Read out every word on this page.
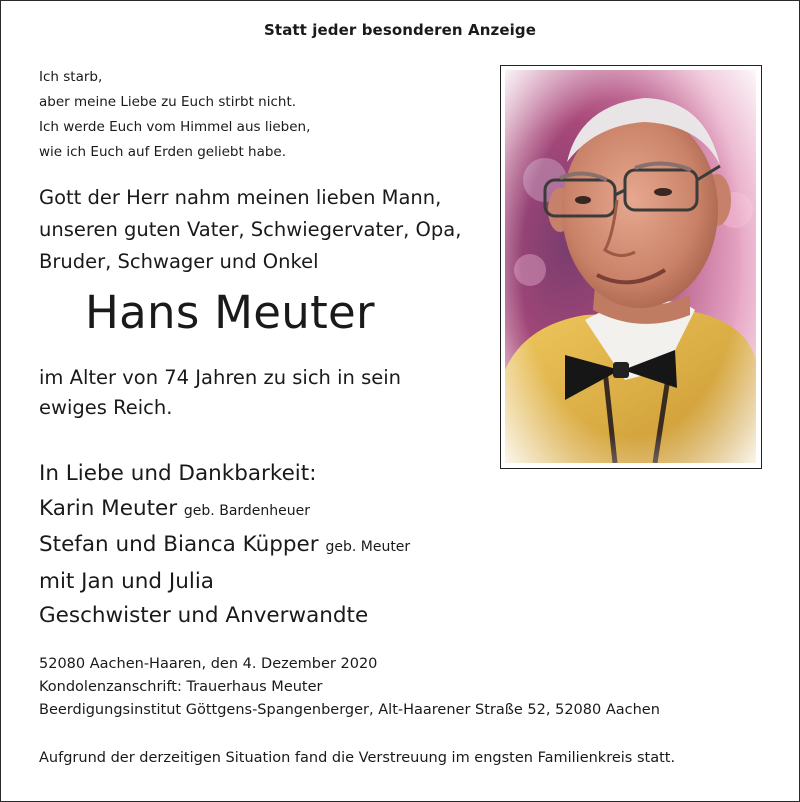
Statt jeder besonderen Anzeige
Ich starb,
aber meine Liebe zu Euch stirbt nicht.
Ich werde Euch vom Himmel aus lieben,
wie ich Euch auf Erden geliebt habe.
Gott der Herr nahm meinen lieben Mann,
unseren guten Vater, Schwiegervater, Opa,
Bruder, Schwager und Onkel
Hans Meuter
im Alter von 74 Jahren zu sich in sein
ewiges Reich.
In Liebe und Dankbarkeit:
Karin Meuter geb. Bardenheuer
Stefan und Bianca Küpper geb. Meuter
mit Jan und Julia
Geschwister und Anverwandte
52080 Aachen-Haaren, den 4. Dezember 2020
Kondolenzanschrift: Trauerhaus Meuter
Beerdigungsinstitut Göttgens-Spangenberger, Alt-Haarener Straße 52, 52080 Aachen
Aufgrund der derzeitigen Situation fand die Verstreuung im engsten Familienkreis statt.
